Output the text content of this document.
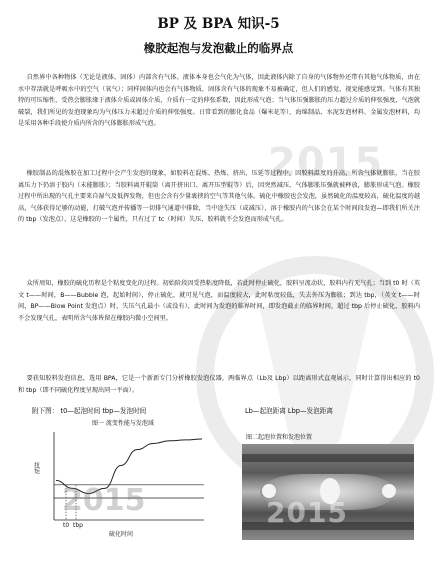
2015
BP 及 BPA 知识-5
橡胶起泡与发泡截止的临界点

自然界中各种物体（无论是液体、固体）内部含有气体。液体本身也会气化为气体，因此液体内除了自身的气体物外还带有其他气体物质，由在水中存活就是呼吸水中的空气（氧气）；同样固体内也会有气体物质，固体含有气体的现象不易被确定，但人们的感觉，视觉能感觉到。气体有其独特的可压缩性，受热会膨胀缘于液体介质或固体介质，介质有一定的伸张系数，因此形成气泡；当气体压强膨胀的压力超过介质的伸张强度，气泡就破裂，我们所见的发泡现象均为气体压力未超过介质的伸张强度。日常看到的膨化食品（爆米花等），海绵制品、水泥发泡材料、金属发泡材料，均是采用各种手段使介质内所含的气体膨胀形成气泡。

橡胶制品的混炼胶在加工过程中会产生发泡的现象，如胶料在混炼、热炼、挤出、压延等过程中，因胶料温度的升高，所含气体就膨胀，当在胶离压力下仍溶于胶内（未能膨胀）；当胶料离开辊筒（离开挤出口、离开压型辊等）后，因突然减压，气体膨胀压强就被释放，膨胀形成气泡。橡胶过程中所出现的气孔主要来自湿气及低挥发物，但也会含有少量裹挟的空气等其他气体。硫化中橡胶也会发泡，虽然硫化的温度较高，硫化温度的越高，气体获得足够的动能，打破气泡并传播等一切排气通道中排除，当中途失压（或减压），溶于橡胶内的气体会在某个时间段发泡—即我们所关注的 tbp（发泡点），这是橡胶的一个属性，只有过了 tc（时间）失压，胶料就不会发泡而形成气孔。

众所周知，橡胶的硫化历程是个粘度变化的过程。初始阶段因受热粘度降低，若此时停止硫化，胶料呈流动状，胶料内有无气孔；当到 t0 时（英文 t——时间，B——Bubble 泡，起始时间），停止硫化，就可见气泡，而温度较大，此时粘度较低，失去外压为膨胀；到达 tbp，（英文 t——时间，BP——Blow Point 发泡点）时，失压气孔最小（或没有），此时间为发泡的临界时间，即发泡截止的临界时间，超过 tbp 后停止硫化，胶料内不会发现气孔，表明所含气体皆留在橡胶内微小空间里。

要获知胶料发泡信息，选用 BPA，它是一个新新专门分析橡胶发泡仪器，两临界点（Lb及 Lbp）以距离形式直观展示，同时计算得出相应的 t0 和 tbp（即不同硫化程度呈现出同一平面）。

附下图： t0—起泡时间 tbp—发泡时间	Lb—起泡距离 Lbp—发泡距离
图一 流变性能与发泡域
t0 tbp
扭矩
硫化时间
2015
图二起泡位置和发泡位置
2015
